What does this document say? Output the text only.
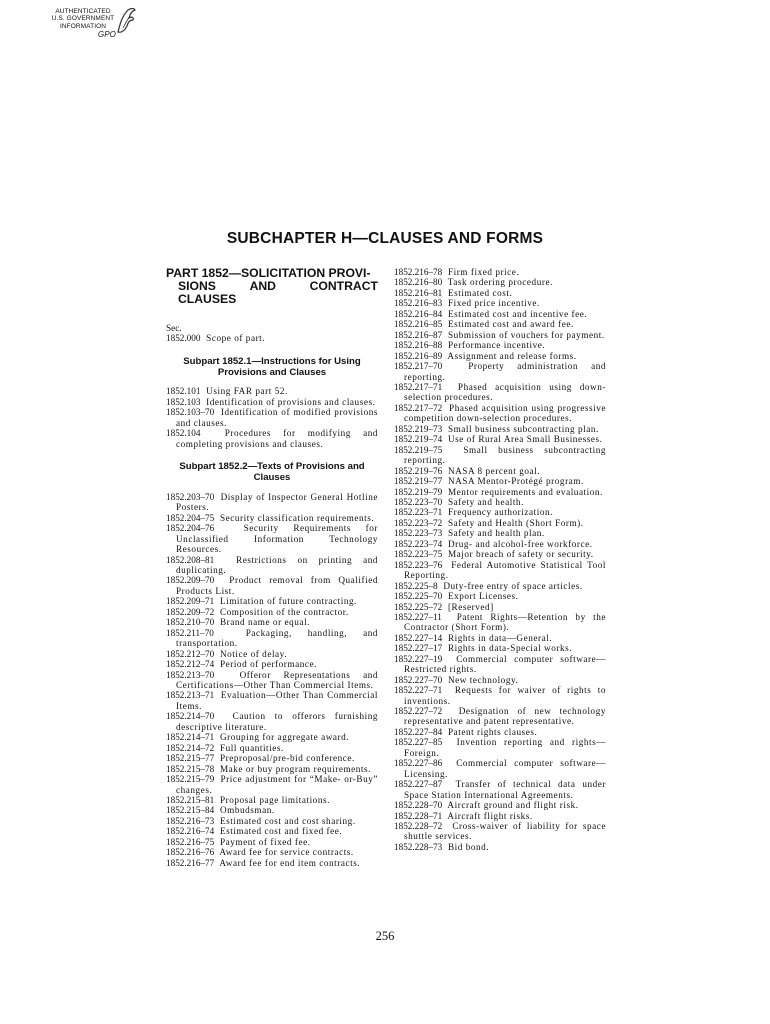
AUTHENTICATED
U.S. GOVERNMENT
INFORMATION
GPO
SUBCHAPTER H—CLAUSES AND FORMS
PART 1852—SOLICITATION PROVI-
SIONS	AND	CONTRACT
CLAUSES
Sec.
1852.000 Scope of part.
Subpart 1852.1—Instructions for Using Provisions and Clauses
1852.101 Using FAR part 52.
1852.103 Identification of provisions and clauses.
1852.103–70 Identification of modified provisions and clauses.
1852.104	Procedures for modifying and completing provisions and clauses.
Subpart 1852.2—Texts of Provisions and Clauses
1852.203–70 Display of Inspector General Hotline Posters.
1852.204–75 Security classification requirements.
1852.204–76	Security Requirements for Unclassified Information Technology Resources.
1852.208–81 Restrictions on printing and duplicating.
1852.209–70 Product removal from Qualified Products List.
1852.209–71 Limitation of future contracting.
1852.209–72 Composition of the contractor.
1852.210–70 Brand name or equal.
1852.211–70	Packaging, handling, and transportation.
1852.212–70 Notice of delay.
1852.212–74 Period of performance.
1852.213–70	Offeror Representations and Certifications—Other Than Commercial Items.
1852.213–71 Evaluation—Other Than Commercial Items.
1852.214–70 Caution to offerors furnishing descriptive literature.
1852.214–71 Grouping for aggregate award.
1852.214–72 Full quantities.
1852.215–77 Preproposal/pre-bid conference.
1852.215–78 Make or buy program requirements.
1852.215–79 Price adjustment for “Make- or-Buy” changes.
1852.215–81 Proposal page limitations.
1852.215–84 Ombudsman.
1852.216–73 Estimated cost and cost sharing.
1852.216–74 Estimated cost and fixed fee.
1852.216–75 Payment of fixed fee.
1852.216–76 Award fee for service contracts.
1852.216–77 Award fee for end item contracts.
1852.216–78 Firm fixed price.
1852.216–80 Task ordering procedure.
1852.216–81 Estimated cost.
1852.216–83 Fixed price incentive.
1852.216–84 Estimated cost and incentive fee.
1852.216–85 Estimated cost and award fee.
1852.216–87 Submission of vouchers for payment.
1852.216–88 Performance incentive.
1852.216–89 Assignment and release forms.
1852.217–70	Property administration and reporting.
1852.217–71 Phased acquisition using down-selection procedures.
1852.217–72 Phased acquisition using progressive competition down-selection procedures.
1852.219–73 Small business subcontracting plan.
1852.219–74 Use of Rural Area Small Businesses.
1852.219–75 Small business subcontracting reporting.
1852.219–76 NASA 8 percent goal.
1852.219–77 NASA Mentor-Protégé program.
1852.219–79 Mentor requirements and evaluation.
1852.223–70 Safety and health.
1852.223–71 Frequency authorization.
1852.223–72 Safety and Health (Short Form).
1852.223–73 Safety and health plan.
1852.223–74 Drug- and alcohol-free workforce.
1852.223–75 Major breach of safety or security.
1852.223–76 Federal Automotive Statistical Tool Reporting.
1852.225–8 Duty-free entry of space articles.
1852.225–70 Export Licenses.
1852.225–72 [Reserved]
1852.227–11 Patent Rights—Retention by the Contractor (Short Form).
1852.227–14 Rights in data—General.
1852.227–17 Rights in data-Special works.
1852.227–19 Commercial computer software—Restricted rights.
1852.227–70 New technology.
1852.227–71 Requests for waiver of rights to inventions.
1852.227–72 Designation of new technology representative and patent representative.
1852.227–84 Patent rights clauses.
1852.227–85 Invention reporting and rights—Foreign.
1852.227–86 Commercial computer software—Licensing.
1852.227–87 Transfer of technical data under Space Station International Agreements.
1852.228–70 Aircraft ground and flight risk.
1852.228–71 Aircraft flight risks.
1852.228–72 Cross-waiver of liability for space shuttle services.
1852.228–73 Bid bond.
256
